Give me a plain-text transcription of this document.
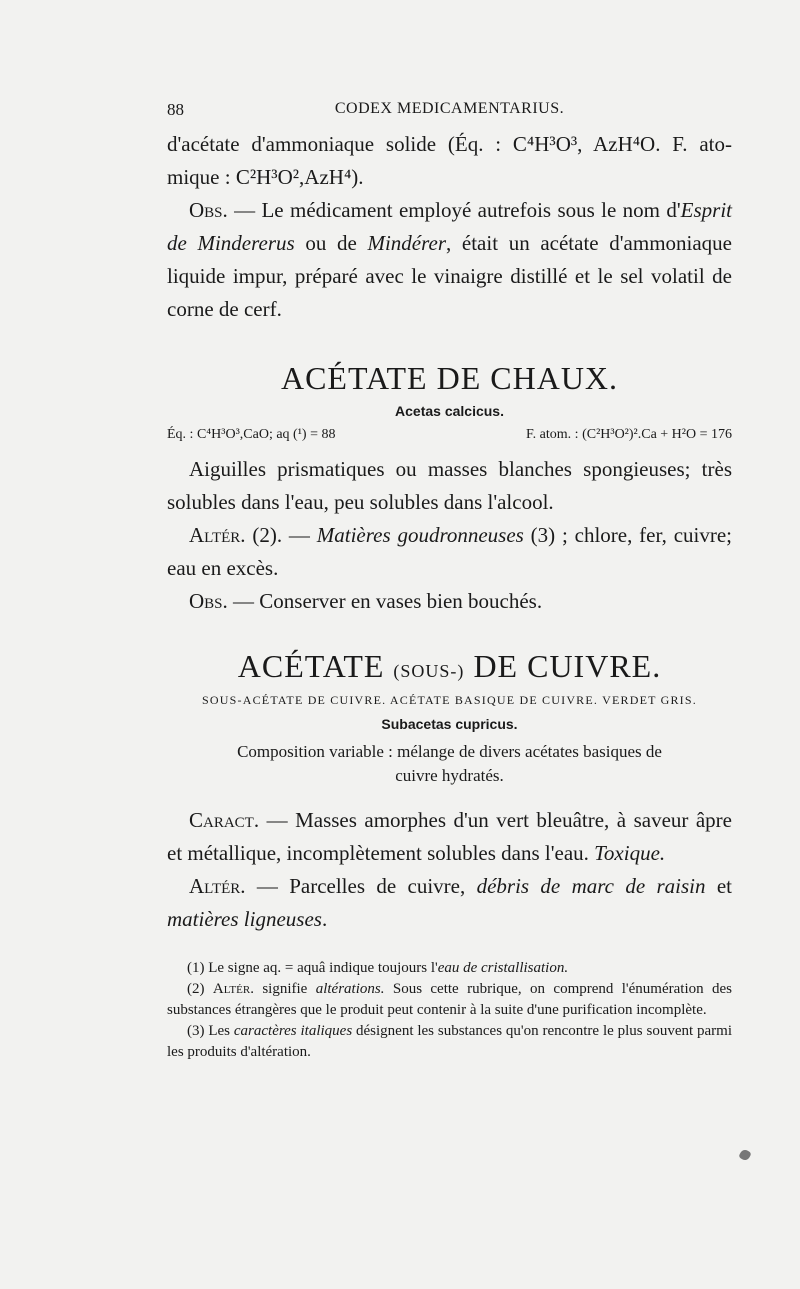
88	CODEX MEDICAMENTARIUS.

d'acétate d'ammoniaque solide (Éq. : C⁴H³O³, AzH⁴O. F. ato-

mique : C²H³O²,AzH⁴).

Obs. — Le médicament employé autrefois sous le nom d'Esprit de Mindererus ou de Mindérer, était un acétate d'ammoniaque liquide impur, préparé avec le vinaigre distillé et le sel volatil de corne de cerf.

ACÉTATE DE CHAUX.

Acetas calcicus.

Éq. : C⁴H³O³,CaO; aq (¹) = 88	F. atom. : (C²H³O²)².Ca + H²O = 176

Aiguilles prismatiques ou masses blanches spongieuses; très solubles dans l'eau, peu solubles dans l'alcool.

Altér. (2). — Matières goudronneuses (3) ; chlore, fer, cuivre; eau en excès.

Obs. — Conserver en vases bien bouchés.

ACÉTATE (SOUS-) DE CUIVRE.

SOUS-ACÉTATE DE CUIVRE. ACÉTATE BASIQUE DE CUIVRE. VERDET GRIS.

Subacetas cupricus.

Composition variable : mélange de divers acétates basiques de

cuivre hydratés.

Caract. — Masses amorphes d'un vert bleuâtre, à saveur âpre et métallique, incomplètement solubles dans l'eau. Toxique.

Altér. — Parcelles de cuivre, débris de marc de raisin et matières ligneuses.

(1) Le signe aq. = aquâ indique toujours l'eau de cristallisation.

(2) Altér. signifie altérations. Sous cette rubrique, on comprend l'énumération des substances étrangères que le produit peut contenir à la suite d'une purification incomplète.

(3) Les caractères italiques désignent les substances qu'on rencontre le plus souvent parmi les produits d'altération.
